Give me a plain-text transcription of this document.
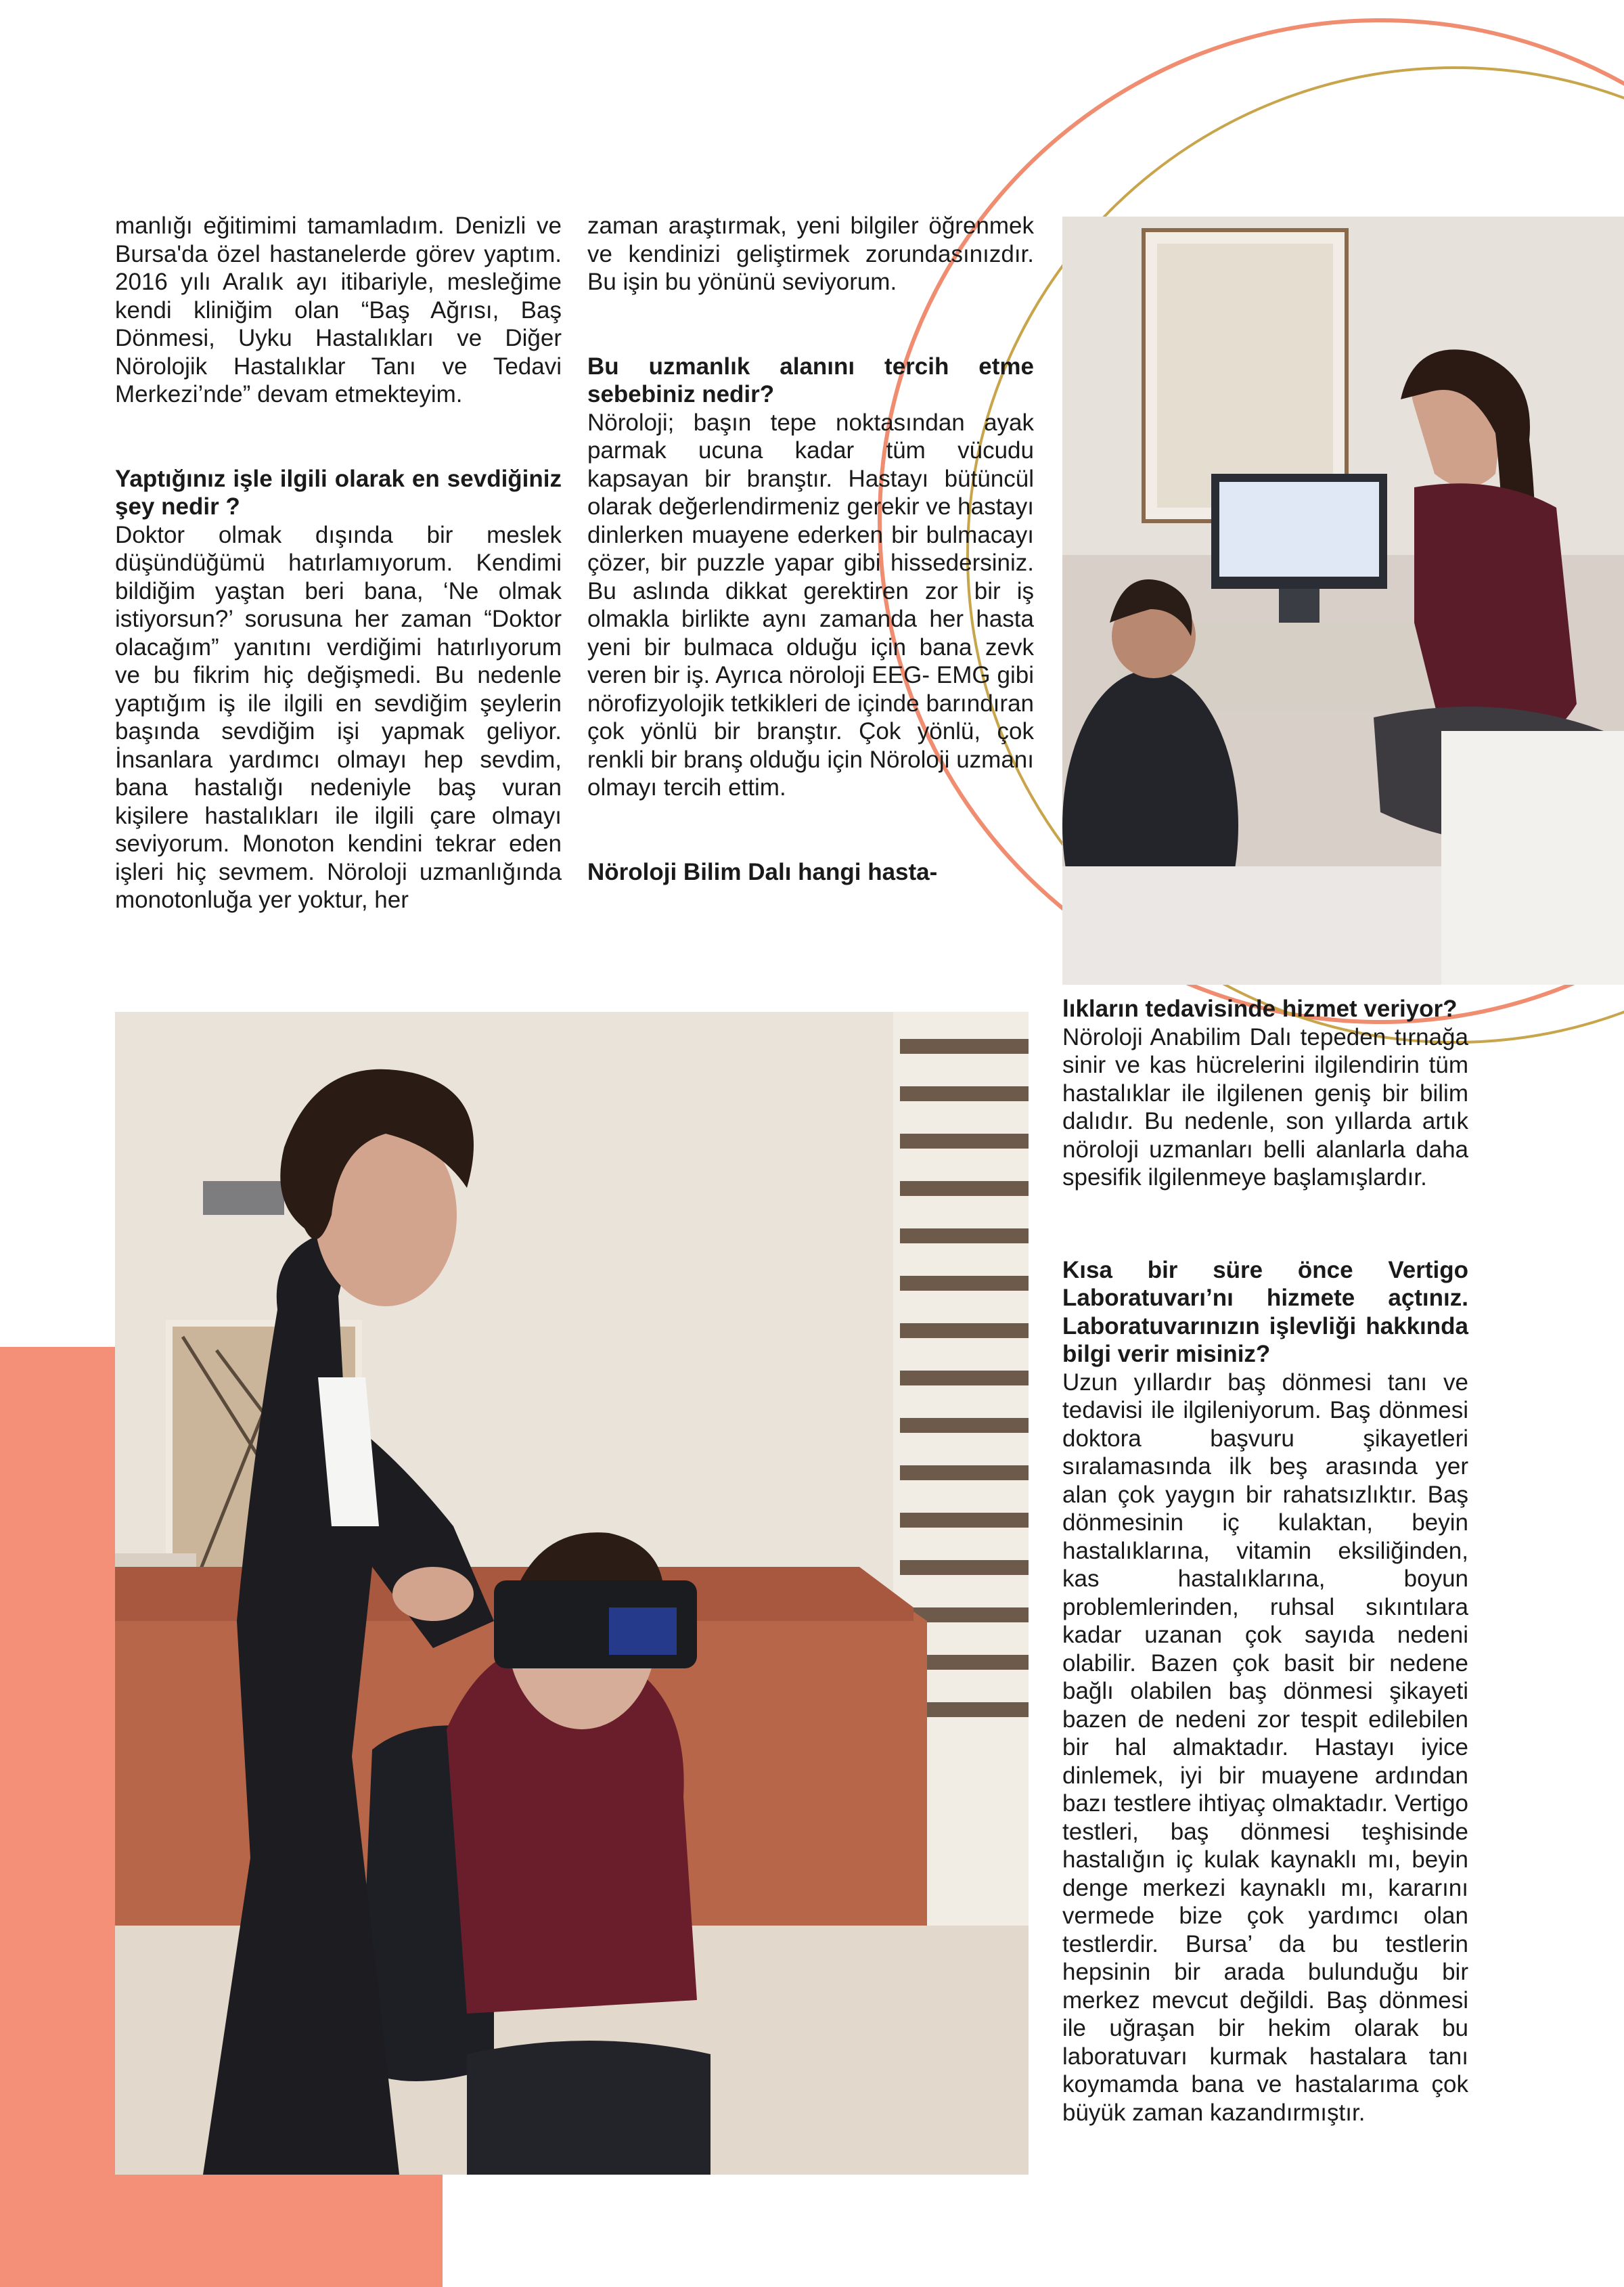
manlığı eğitimimi tamamladım. Denizli ve Bursa'da özel hastanelerde görev yaptım. 2016 yılı Aralık ayı itibariyle, mesleğime kendi kliniğim olan “Baş Ağrısı, Baş Dönmesi, Uyku Hastalıkları ve Diğer Nörolojik Hastalıklar Tanı ve Tedavi Merkezi’nde” devam etmekteyim.

Yaptığınız işle ilgili olarak en sevdiğiniz şey nedir ?

Doktor olmak dışında bir meslek düşündüğümü hatırlamıyorum. Kendimi bildiğim yaştan beri bana, ‘Ne olmak istiyorsun?’ sorusuna her zaman “Doktor olacağım” yanıtını verdiğimi hatırlıyorum ve bu fikrim hiç değişmedi. Bu nedenle yaptığım iş ile ilgili en sevdiğim şeylerin başında sevdiğim işi yapmak geliyor. İnsanlara yardımcı olmayı hep sevdim, bana hastalığı nedeniyle baş vuran kişilere hastalıkları ile ilgili çare olmayı seviyorum. Monoton kendini tekrar eden işleri hiç sevmem. Nöroloji uzmanlığında monotonluğa yer yoktur, her

zaman araştırmak, yeni bilgiler öğrenmek ve kendinizi geliştirmek zorundasınızdır. Bu işin bu yönünü seviyorum.

Bu uzmanlık alanını tercih etme sebebiniz nedir?

Nöroloji; başın tepe noktasından ayak parmak ucuna kadar tüm vücudu kapsayan bir branştır. Hastayı bütüncül olarak değerlendirmeniz gerekir ve hastayı dinlerken muayene ederken bir bulmacayı çözer, bir puzzle yapar gibi hissedersiniz. Bu aslında dikkat gerektiren zor bir iş olmakla birlikte aynı zamanda her hasta yeni bir bulmaca olduğu için bana zevk veren bir iş. Ayrıca nöroloji EEG- EMG gibi nörofizyolojik tetkikleri de içinde barındıran çok yönlü bir branştır. Çok yönlü, çok renkli bir branş olduğu için Nöroloji uzmanı olmayı tercih ettim.

Nöroloji Bilim Dalı hangi hasta-

lıkların tedavisinde hizmet veriyor?

Nöroloji Anabilim Dalı tepeden tırnağa sinir ve kas hücrelerini ilgilendirin tüm hastalıklar ile ilgilenen geniş bir bilim dalıdır. Bu nedenle, son yıllarda artık nöroloji uzmanları belli alanlarla daha spesifik ilgilenmeye başlamışlardır.

Kısa bir süre önce Vertigo Laboratuvarı’nı hizmete açtınız. Laboratuvarınızın işlevliği hakkında bilgi verir misiniz?

Uzun yıllardır baş dönmesi tanı ve tedavisi ile ilgileniyorum. Baş dönmesi doktora başvuru şikayetleri sıralamasında ilk beş arasında yer alan çok yaygın bir rahatsızlıktır. Baş dönmesinin iç kulaktan, beyin hastalıklarına, vitamin eksiliğinden, kas hastalıklarına, boyun problemlerinden, ruhsal sıkıntılara kadar uzanan çok sayıda nedeni olabilir. Bazen çok basit bir nedene bağlı olabilen baş dönmesi şikayeti bazen de nedeni zor tespit edilebilen bir hal almaktadır. Hastayı iyice dinlemek, iyi bir muayene ardından bazı testlere ihtiyaç olmaktadır. Vertigo testleri, baş dönmesi teşhisinde hastalığın iç kulak kaynaklı mı, beyin denge merkezi kaynaklı mı, kararını vermede bize çok yardımcı olan testlerdir. Bursa’ da bu testlerin hepsinin bir arada bulunduğu bir merkez mevcut değildi. Baş dönmesi ile uğraşan bir hekim olarak bu laboratuvarı kurmak hastalara tanı koymamda bana ve hastalarıma çok büyük zaman kazandırmıştır.
